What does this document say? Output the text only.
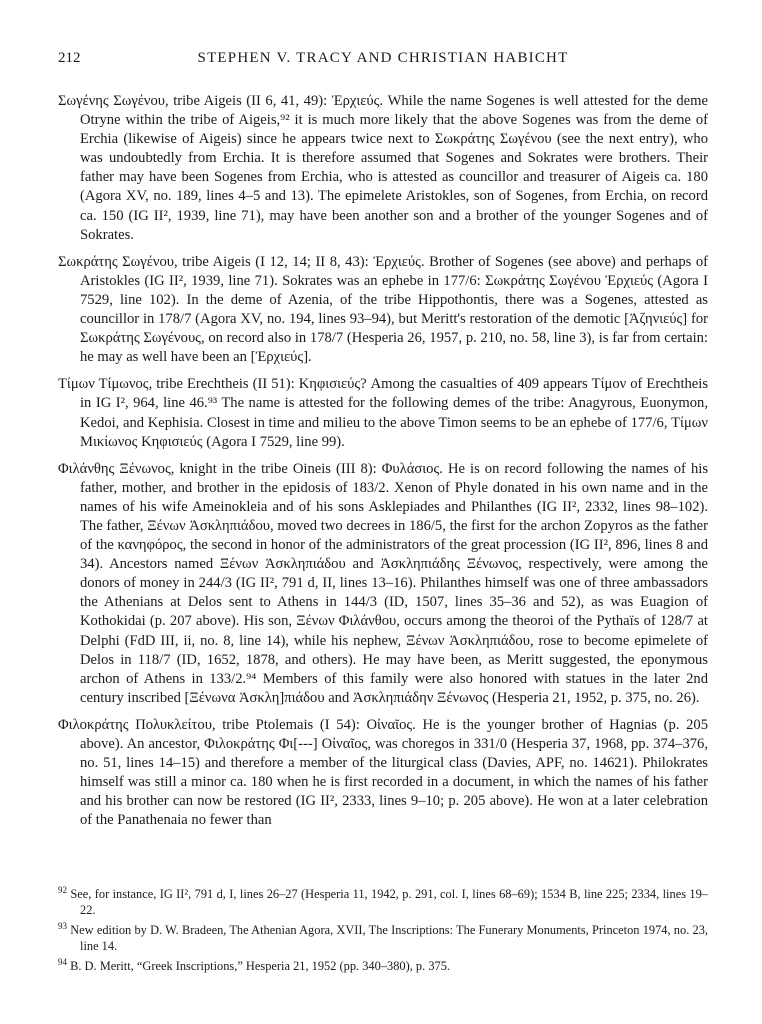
212	STEPHEN V. TRACY AND CHRISTIAN HABICHT

Σωγένης Σωγένου, tribe Aigeis (II 6, 41, 49): Ἐρχιεύς. While the name Sogenes is well attested for the deme Otryne within the tribe of Aigeis,⁹² it is much more likely that the above Sogenes was from the deme of Erchia (likewise of Aigeis) since he appears twice next to Σωκράτης Σωγένου (see the next entry), who was undoubtedly from Erchia. It is therefore assumed that Sogenes and Sokrates were brothers. Their father may have been Sogenes from Erchia, who is attested as councillor and treasurer of Aigeis ca. 180 (Agora XV, no. 189, lines 4–5 and 13). The epimelete Aristokles, son of Sogenes, from Erchia, on record ca. 150 (IG II², 1939, line 71), may have been another son and a brother of the younger Sogenes and of Sokrates.

Σωκράτης Σωγένου, tribe Aigeis (I 12, 14; II 8, 43): Ἐρχιεύς. Brother of Sogenes (see above) and perhaps of Aristokles (IG II², 1939, line 71). Sokrates was an ephebe in 177/6: Σωκράτης Σωγένου Ἐρχιεύς (Agora I 7529, line 102). In the deme of Azenia, of the tribe Hippothontis, there was a Sogenes, attested as councillor in 178/7 (Agora XV, no. 194, lines 93–94), but Meritt's restoration of the demotic [Ἀζηνιεύς] for Σωκράτης Σωγένους, on record also in 178/7 (Hesperia 26, 1957, p. 210, no. 58, line 3), is far from certain: he may as well have been an [Ἐρχιεύς].

Τίμων Τίμωνος, tribe Erechtheis (II 51): Κηφισιεύς? Among the casualties of 409 appears Τίμον of Erechtheis in IG I², 964, line 46.⁹³ The name is attested for the following demes of the tribe: Anagyrous, Euonymon, Kedoi, and Kephisia. Closest in time and milieu to the above Timon seems to be an ephebe of 177/6, Τίμων Μικίωνος Κηφισιεύς (Agora I 7529, line 99).

Φιλάνθης Ξένωνος, knight in the tribe Oineis (III 8): Φυλάσιος. He is on record following the names of his father, mother, and brother in the epidosis of 183/2. Xenon of Phyle donated in his own name and in the names of his wife Ameinokleia and of his sons Asklepiades and Philanthes (IG II², 2332, lines 98–102). The father, Ξένων Ἀσκληπιάδου, moved two decrees in 186/5, the first for the archon Zopyros as the father of the κανηφόρος, the second in honor of the administrators of the great procession (IG II², 896, lines 8 and 34). Ancestors named Ξένων Ἀσκληπιάδου and Ἀσκληπιάδης Ξένωνος, respectively, were among the donors of money in 244/3 (IG II², 791 d, II, lines 13–16). Philanthes himself was one of three ambassadors the Athenians at Delos sent to Athens in 144/3 (ID, 1507, lines 35–36 and 52), as was Euagion of Kothokidai (p. 207 above). His son, Ξένων Φιλάνθου, occurs among the theoroi of the Pythaïs of 128/7 at Delphi (FdD III, ii, no. 8, line 14), while his nephew, Ξένων Ἀσκληπιάδου, rose to become epimelete of Delos in 118/7 (ID, 1652, 1878, and others). He may have been, as Meritt suggested, the eponymous archon of Athens in 133/2.⁹⁴ Members of this family were also honored with statues in the later 2nd century inscribed [Ξένωνα Ἀσκλη]πιάδου and Ἀσκληπιάδην Ξένωνος (Hesperia 21, 1952, p. 375, no. 26).

Φιλοκράτης Πολυκλείτου, tribe Ptolemais (I 54): Οἰναῖος. He is the younger brother of Hagnias (p. 205 above). An ancestor, Φιλοκράτης Φι[---] Οἰναῖος, was choregos in 331/0 (Hesperia 37, 1968, pp. 374–376, no. 51, lines 14–15) and therefore a member of the liturgical class (Davies, APF, no. 14621). Philokrates himself was still a minor ca. 180 when he is first recorded in a document, in which the names of his father and his brother can now be restored (IG II², 2333, lines 9–10; p. 205 above). He won at a later celebration of the Panathenaia no fewer than

$^{92}$ See, for instance, IG II², 791 d, I, lines 26–27 (Hesperia 11, 1942, p. 291, col. I, lines 68–69); 1534 B, line 225; 2334, lines 19–22.

$^{93}$ New edition by D. W. Bradeen, The Athenian Agora, XVII, The Inscriptions: The Funerary Monuments, Princeton 1974, no. 23, line 14.

$^{94}$ B. D. Meritt, “Greek Inscriptions,” Hesperia 21, 1952 (pp. 340–380), p. 375.
